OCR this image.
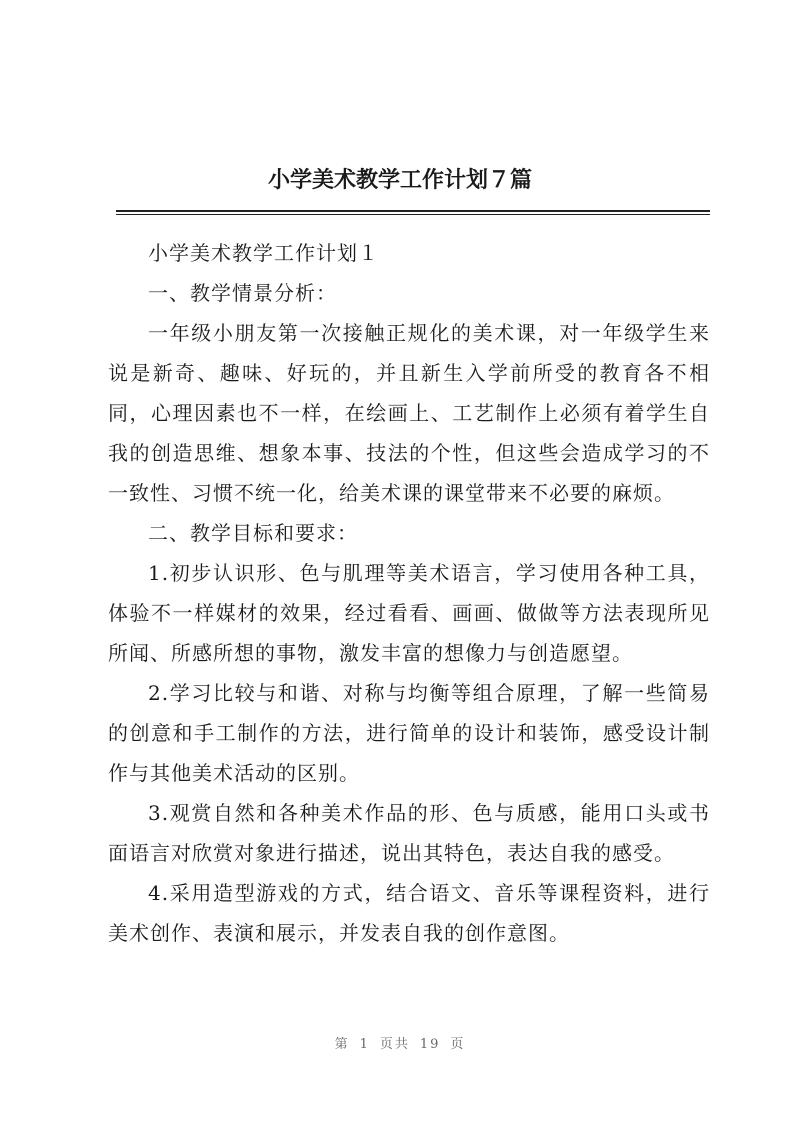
小学美术教学工作计划７篇

小学美术教学工作计划１

一、教学情景分析：

一年级小朋友第一次接触正规化的美术课，对一年级学生来说是新奇、趣味、好玩的，并且新生入学前所受的教育各不相同，心理因素也不一样，在绘画上、工艺制作上必须有着学生自我的创造思维、想象本事、技法的个性，但这些会造成学习的不一致性、习惯不统一化，给美术课的课堂带来不必要的麻烦。

二、教学目标和要求：

1.初步认识形、色与肌理等美术语言，学习使用各种工具，体验不一样媒材的效果，经过看看、画画、做做等方法表现所见所闻、所感所想的事物，激发丰富的想像力与创造愿望。

2.学习比较与和谐、对称与均衡等组合原理，了解一些简易的创意和手工制作的方法，进行简单的设计和装饰，感受设计制作与其他美术活动的区别。

3.观赏自然和各种美术作品的形、色与质感，能用口头或书面语言对欣赏对象进行描述，说出其特色，表达自我的感受。

4.采用造型游戏的方式，结合语文、音乐等课程资料，进行美术创作、表演和展示，并发表自我的创作意图。

第 1 页共 19 页
